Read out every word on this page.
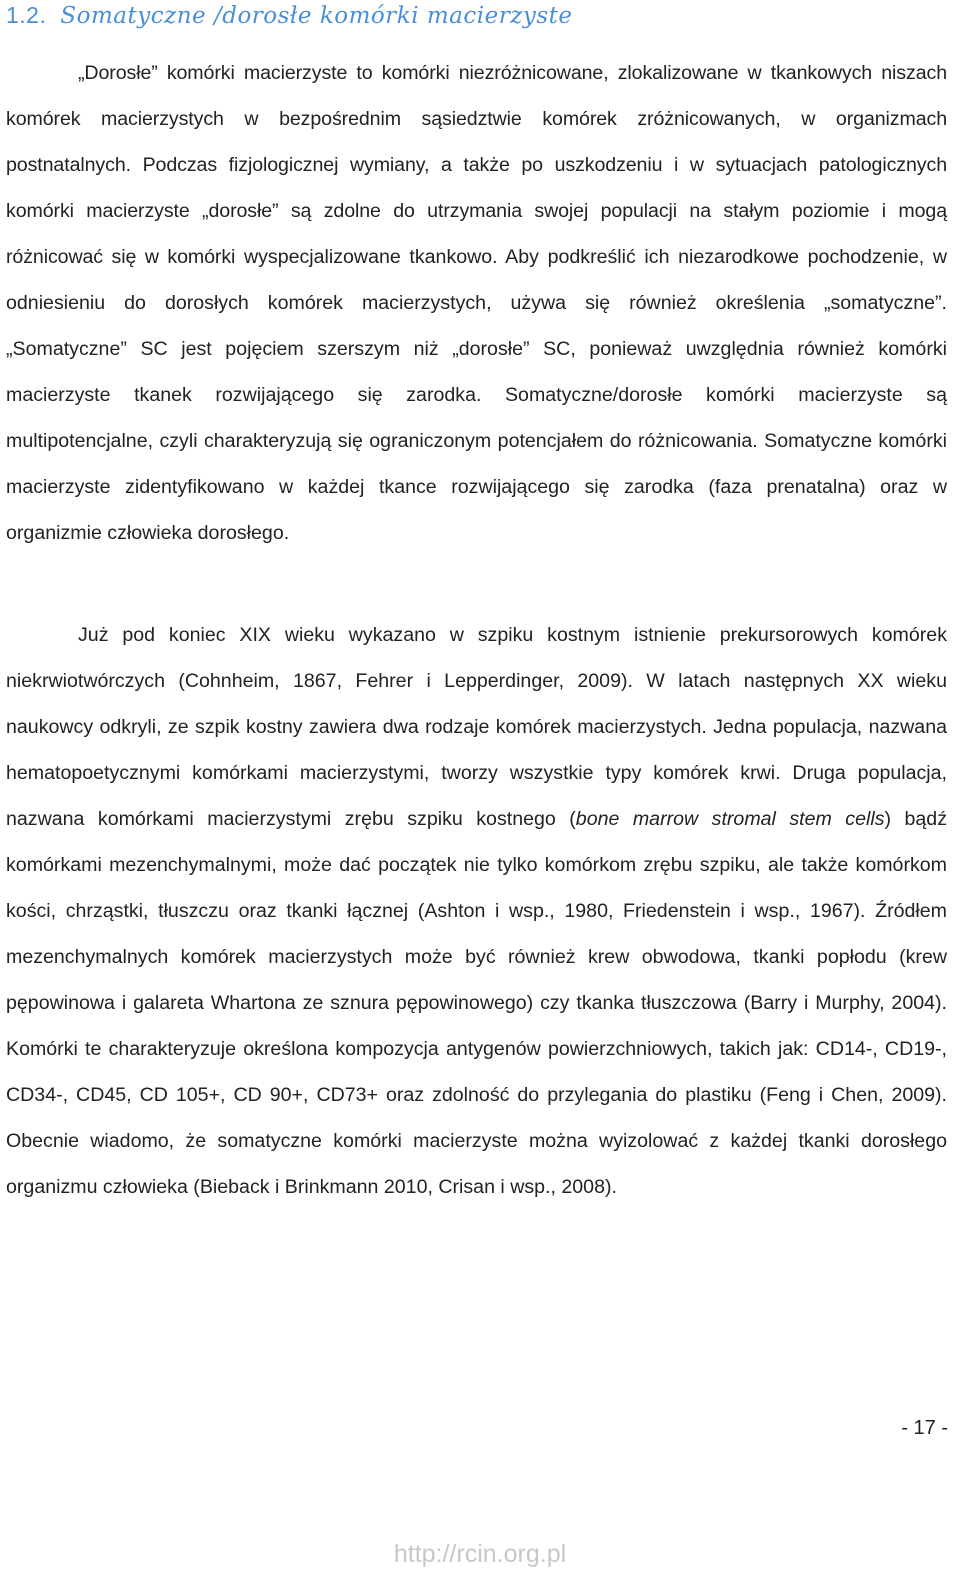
1.2. Somatyczne /dorosłe komórki macierzyste

„Dorosłe” komórki macierzyste to komórki niezróżnicowane, zlokalizowane w tkankowych niszach komórek macierzystych w bezpośrednim sąsiedztwie komórek zróżnicowanych, w organizmach postnatalnych. Podczas fizjologicznej wymiany, a także po uszkodzeniu i w sytuacjach patologicznych komórki macierzyste „dorosłe” są zdolne do utrzymania swojej populacji na stałym poziomie i mogą różnicować się w komórki wyspecjalizowane tkankowo. Aby podkreślić ich niezarodkowe pochodzenie, w odniesieniu do dorosłych komórek macierzystych, używa się również określenia „somatyczne”. „Somatyczne” SC jest pojęciem szerszym niż „dorosłe” SC, ponieważ uwzględnia również komórki macierzyste tkanek rozwijającego się zarodka. Somatyczne/dorosłe komórki macierzyste są multipotencjalne, czyli charakteryzują się ograniczonym potencjałem do różnicowania. Somatyczne komórki macierzyste zidentyfikowano w każdej tkance rozwijającego się zarodka (faza prenatalna) oraz w organizmie człowieka dorosłego.

Już pod koniec XIX wieku wykazano w szpiku kostnym istnienie prekursorowych komórek niekrwiotwórczych (Cohnheim, 1867, Fehrer i Lepperdinger, 2009). W latach następnych XX wieku naukowcy odkryli, ze szpik kostny zawiera dwa rodzaje komórek macierzystych. Jedna populacja, nazwana hematopoetycznymi komórkami macierzystymi, tworzy wszystkie typy komórek krwi. Druga populacja, nazwana komórkami macierzystymi zrębu szpiku kostnego (bone marrow stromal stem cells) bądź komórkami mezenchymalnymi, może dać początek nie tylko komórkom zrębu szpiku, ale także komórkom kości, chrząstki, tłuszczu oraz tkanki łącznej (Ashton i wsp., 1980, Friedenstein i wsp., 1967). Źródłem mezenchymalnych komórek macierzystych może być również krew obwodowa, tkanki popłodu (krew pępowinowa i galareta Whartona ze sznura pępowinowego) czy tkanka tłuszczowa (Barry i Murphy, 2004). Komórki te charakteryzuje określona kompozycja antygenów powierzchniowych, takich jak: CD14-, CD19-, CD34-, CD45, CD 105+, CD 90+, CD73+ oraz zdolność do przylegania do plastiku (Feng i Chen, 2009). Obecnie wiadomo, że somatyczne komórki macierzyste można wyizolować z każdej tkanki dorosłego organizmu człowieka (Bieback i Brinkmann 2010, Crisan i wsp., 2008).

- 17 -
http://rcin.org.pl
